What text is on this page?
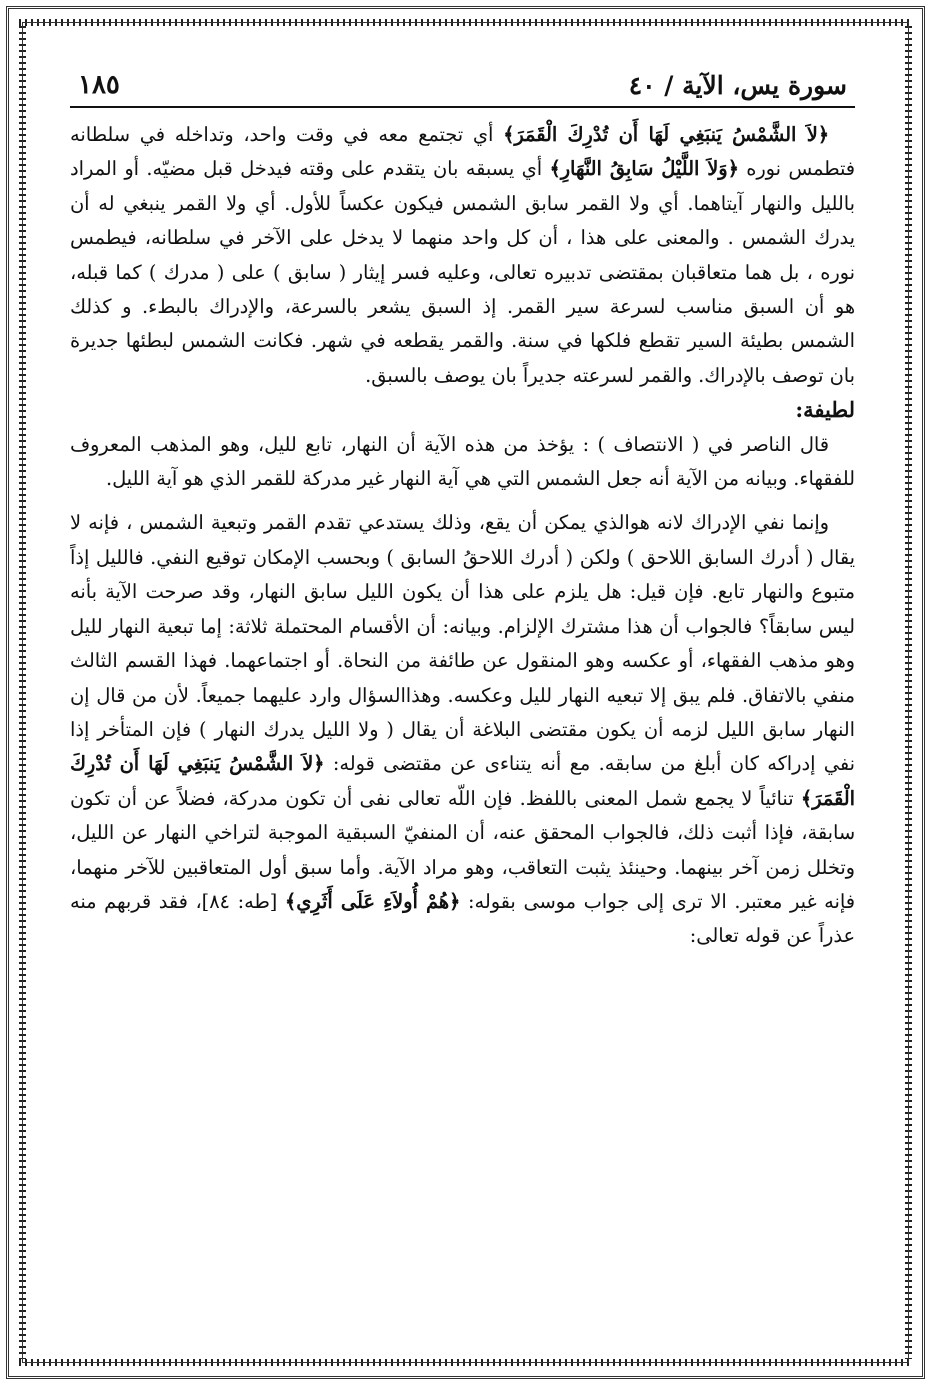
سورة يس، الآية / ٤٠
١٨٥

﴿لاَ الشَّمْسُ يَنبَغِي لَهَا أَن تُدْرِكَ الْقَمَرَ﴾ أي تجتمع معه في وقت واحد، وتداخله في سلطانه فتطمس نوره ﴿وَلاَ اللَّيْلُ سَابِقُ النَّهَارِ﴾ أي يسبقه بان يتقدم على وقته فيدخل قبل مضيّه. أو المراد بالليل والنهار آيتاهما. أي ولا القمر سابق الشمس فيكون عكساً للأول. أي ولا القمر ينبغي له أن يدرك الشمس . والمعنى على هذا ، أن كل واحد منهما لا يدخل على الآخر في سلطانه، فيطمس نوره ، بل هما متعاقبان بمقتضى تدبيره تعالى، وعليه فسر إيثار ( سابق ) على ( مدرك ) كما قبله، هو أن السبق مناسب لسرعة سير القمر. إذ السبق يشعر بالسرعة، والإدراك بالبطء. و كذلك الشمس بطيئة السير تقطع فلكها في سنة. والقمر يقطعه في شهر. فكانت الشمس لبطئها جديرة بان توصف بالإدراك. والقمر لسرعته جديراً بان يوصف بالسبق.

لطيفة:

قال الناصر في ( الانتصاف ) : يؤخذ من هذه الآية أن النهار، تابع لليل، وهو المذهب المعروف للفقهاء. وبيانه من الآية أنه جعل الشمس التي هي آية النهار غير مدركة للقمر الذي هو آية الليل.

وإنما نفي الإدراك لانه هوالذي يمكن أن يقع، وذلك يستدعي تقدم القمر وتبعية الشمس ، فإنه لا يقال ( أدرك السابق اللاحق ) ولكن ( أدرك اللاحقُ السابق ) وبحسب الإمكان توقيع النفي. فالليل إذاً متبوع والنهار تابع. فإن قيل: هل يلزم على هذا أن يكون الليل سابق النهار، وقد صرحت الآية بأنه ليس سابقاً؟ فالجواب أن هذا مشترك الإلزام. وبيانه: أن الأقسام المحتملة ثلاثة: إما تبعية النهار لليل وهو مذهب الفقهاء، أو عكسه وهو المنقول عن طائفة من النحاة. أو اجتماعهما. فهذا القسم الثالث منفي بالاتفاق. فلم يبق إلا تبعيه النهار لليل وعكسه. وهذاالسؤال وارد عليهما جميعاً. لأن من قال إن النهار سابق الليل لزمه أن يكون مقتضى البلاغة أن يقال ( ولا الليل يدرك النهار ) فإن المتأخر إذا نفي إدراكه كان أبلغ من سابقه. مع أنه يتناءى عن مقتضى قوله: ﴿لاَ الشَّمْسُ يَنبَغِي لَهَا أَن تُدْرِكَ الْقَمَرَ﴾ تنائياً لا يجمع شمل المعنى باللفظ. فإن اللّه تعالى نفى أن تكون مدركة، فضلاً عن أن تكون سابقة، فإذا أثبت ذلك، فالجواب المحقق عنه، أن المنفيّ السبقية الموجبة لتراخي النهار عن الليل، وتخلل زمن آخر بينهما. وحينئذ يثبت التعاقب، وهو مراد الآية. وأما سبق أول المتعاقبين للآخر منهما، فإنه غير معتبر. الا ترى إلى جواب موسى بقوله: ﴿هُمْ أُولاَءِ عَلَى أَثَرِي﴾ [طه: ٨٤]، فقد قربهم منه عذراً عن قوله تعالى:
